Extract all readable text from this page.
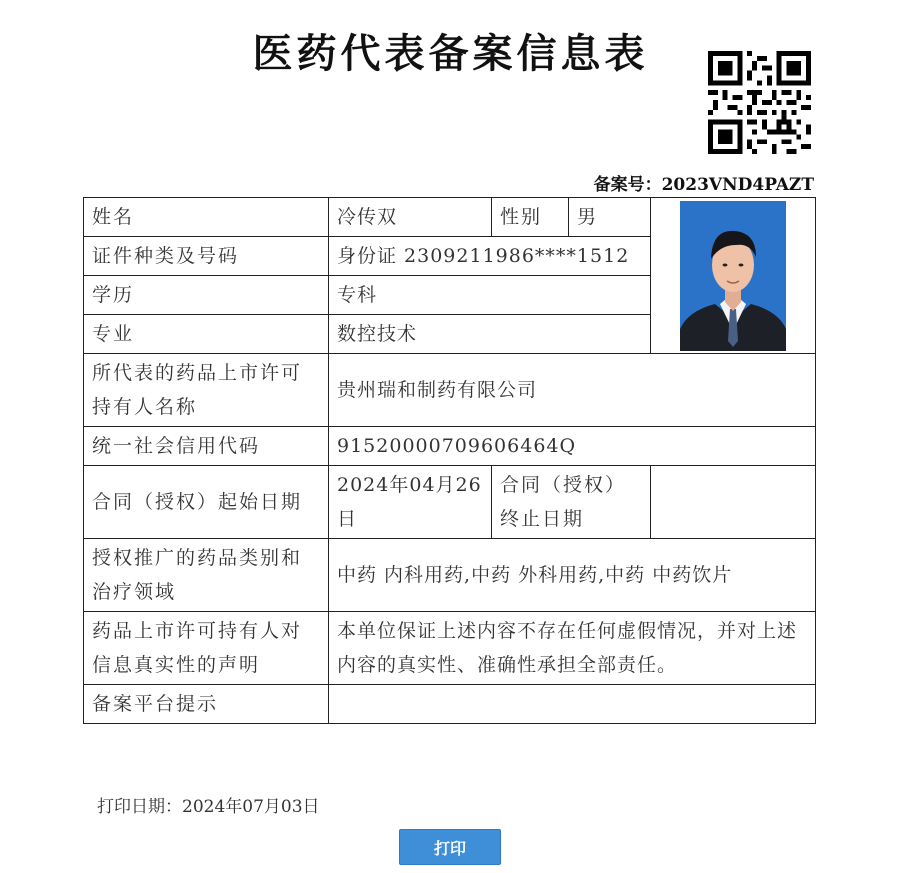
医药代表备案信息表
备案号：2023VND4PAZT
姓名	冷传双	性别	男	

证件种类及号码	身份证 2309211986****1512			
学历	专科			
专业	数控技术			
所代表的药品上市许可持有人名称	贵州瑞和制药有限公司			
统一社会信用代码	91520000709606464Q			
合同（授权）起始日期	2024年04月26日	合同（授权）终止日期		
授权推广的药品类别和治疗领域	中药 内科用药,中药 外科用药,中药 中药饮片			
药品上市许可持有人对信息真实性的声明	本单位保证上述内容不存在任何虚假情况，并对上述内容的真实性、准确性承担全部责任。			
备案平台提示				
打印日期：2024年07月03日
打印
